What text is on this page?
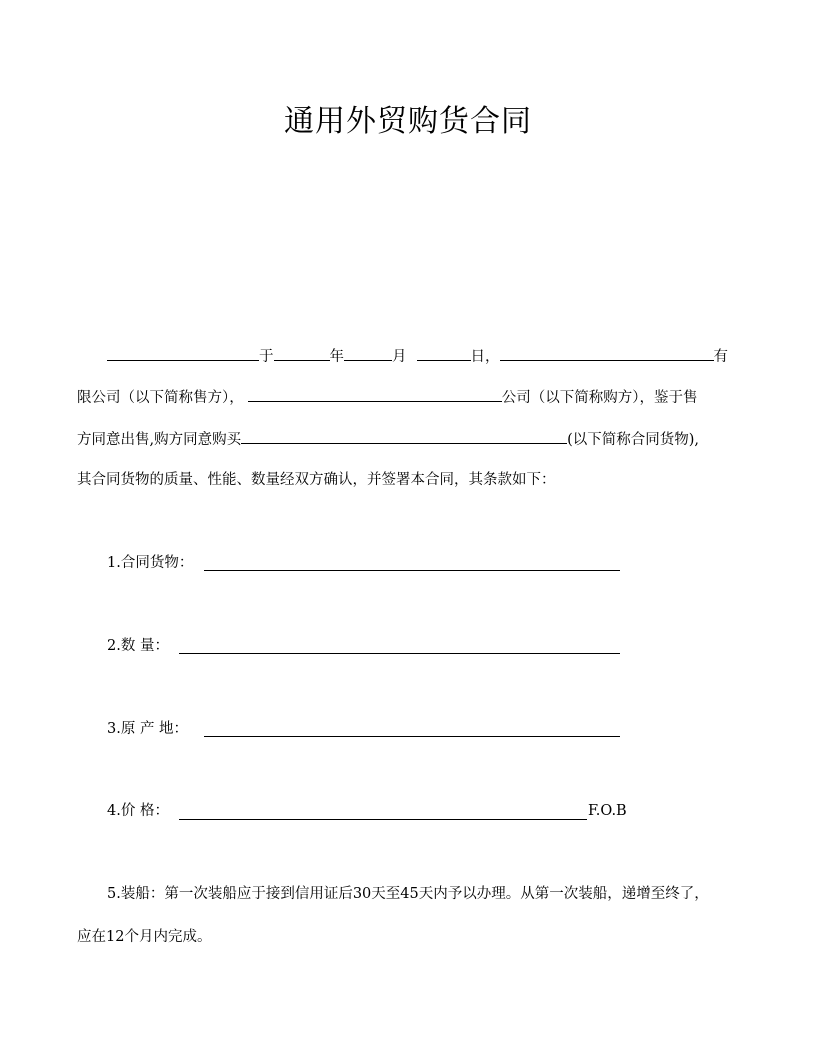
通用外贸购货合同
于	年	月	日，	有
限公司（以下简称售方），	公司（以下简称购方），鉴于售
方同意出售,购方同意购买	(以下简称合同货物),
其合同货物的质量、性能、数量经双方确认，并签署本合同，其条款如下：
1.合同货物：
2.数 量：
3.原 产 地：
4.价 格：	F.O.B
5.装船：第一次装船应于接到信用证后30天至45天内予以办理。从第一次装船，递增至终了，
应在12个月内完成。
